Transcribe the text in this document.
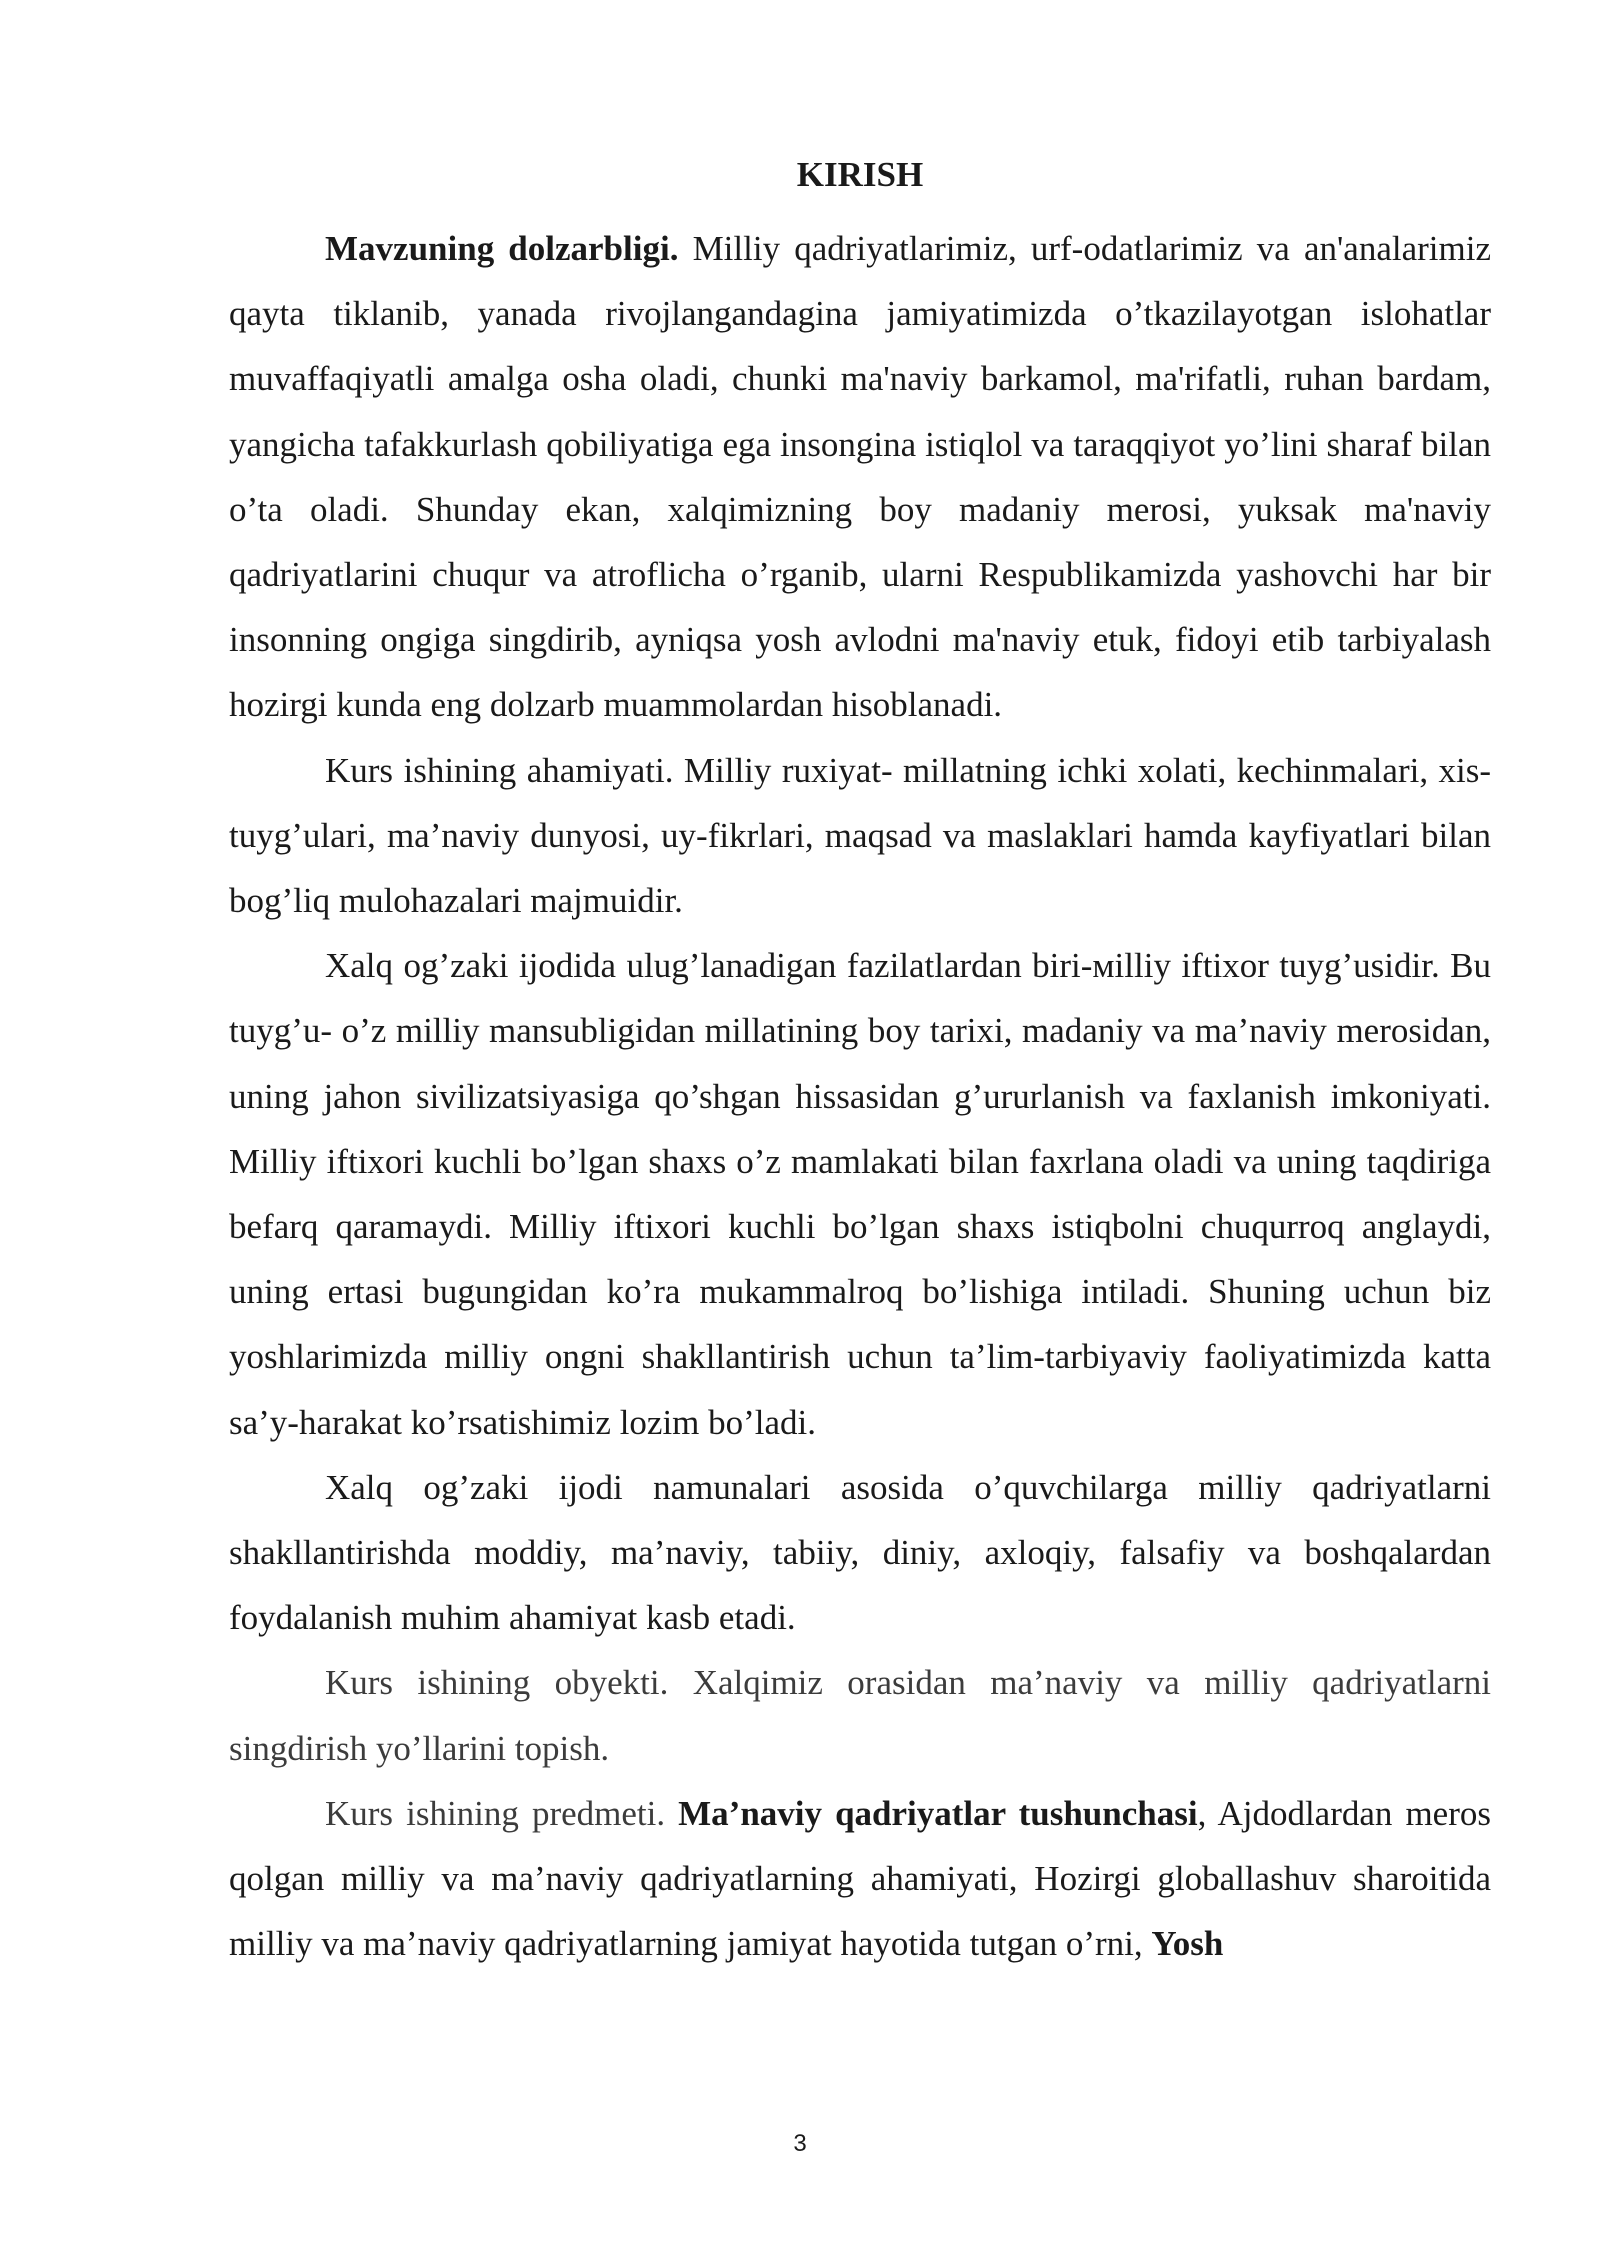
KIRISH

Mavzuning dolzarbligi. Milliy qadriyatlarimiz, urf-odatlarimiz va an'analarimiz qayta tiklanib, yanada rivojlangandagina jamiyatimizda o’tkazilayotgan islohatlar muvaffaqiyatli amalga osha oladi, chunki ma'naviy barkamol, ma'rifatli, ruhan bardam, yangicha tafakkurlash qobiliyatiga ega insongina istiqlol va taraqqiyot yo’lini sharaf bilan o’ta oladi. Shunday ekan, xalqimizning boy madaniy merosi, yuksak ma'naviy qadriyatlarini chuqur va atroflicha o’rganib, ularni Respublikamizda yashovchi har bir insonning ongiga singdirib, ayniqsa yosh avlodni ma'naviy etuk, fidoyi etib tarbiyalash hozirgi kunda eng dolzarb muammolardan hisoblanadi.

Kurs ishining ahamiyati. Milliy ruxiyat- millatning ichki xolati, kechinmalari, xis-tuyg’ulari, ma’naviy dunyosi, uy-fikrlari, maqsad va maslaklari hamda kayfiyatlari bilan bog’liq mulohazalari majmuidir.

Xalq og’zaki ijodida ulug’lanadigan fazilatlardan biri-мilliy iftixor tuyg’usidir. Bu tuyg’u- o’z milliy mansubligidan millatining boy tarixi, madaniy va ma’naviy merosidan, uning jahon sivilizatsiyasiga qo’shgan hissasidan g’ururlanish va faxlanish imkoniyati. Milliy iftixori kuchli bo’lgan shaxs o’z mamlakati bilan faxrlana oladi va uning taqdiriga befarq qaramaydi. Milliy iftixori kuchli bo’lgan shaxs istiqbolni chuqurroq anglaydi, uning ertasi bugungidan ko’ra mukammalroq bo’lishiga intiladi. Shuning uchun biz yoshlarimizda milliy ongni shakllantirish uchun ta’lim-tarbiyaviy faoliyatimizda katta sa’y-harakat ko’rsatishimiz lozim bo’ladi.

Xalq og’zaki ijodi namunalari asosida o’quvchilarga milliy qadriyatlarni shakllantirishda moddiy, ma’naviy, tabiiy, diniy, axloqiy, falsafiy va boshqalardan foydalanish muhim ahamiyat kasb etadi.

Kurs ishining obyekti. Xalqimiz orasidan ma’naviy va milliy qadriyatlarni singdirish yo’llarini topish.

Kurs ishining predmeti. Ma’naviy qadriyatlar tushunchasi, Ajdodlardan meros qolgan milliy va ma’naviy qadriyatlarning ahamiyati, Hozirgi globallashuv sharoitida milliy va ma’naviy qadriyatlarning jamiyat hayotida tutgan o’rni, Yosh

3
